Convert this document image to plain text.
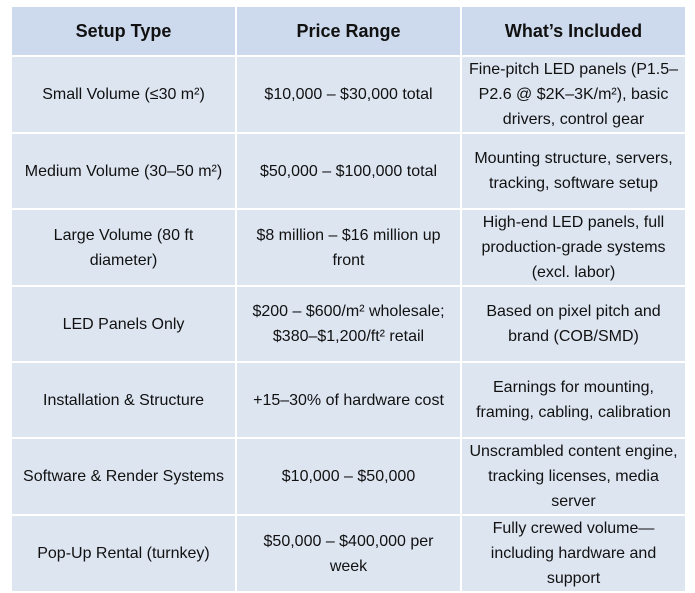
Setup Type	Price Range	What’s Included
Small Volume (≤30 m²)	$10,000 – $30,000 total	Fine-pitch LED panels (P1.5–P2.6 @ $2K–3K/m²), basic drivers, control gear
Medium Volume (30–50 m²)	$50,000 – $100,000 total	Mounting structure, servers, tracking, software setup
Large Volume (80 ft diameter)	$8 million – $16 million up front	High-end LED panels, full production-grade systems (excl. labor)
LED Panels Only	$200 – $600/m² wholesale; $380–$1,200/ft² retail	Based on pixel pitch and brand (COB/SMD)
Installation & Structure	+15–30% of hardware cost	Earnings for mounting, framing, cabling, calibration
Software & Render Systems	$10,000 – $50,000	Unscrambled content engine, tracking licenses, media server
Pop-Up Rental (turnkey)	$50,000 – $400,000 per week	Fully crewed volume—including hardware and support
